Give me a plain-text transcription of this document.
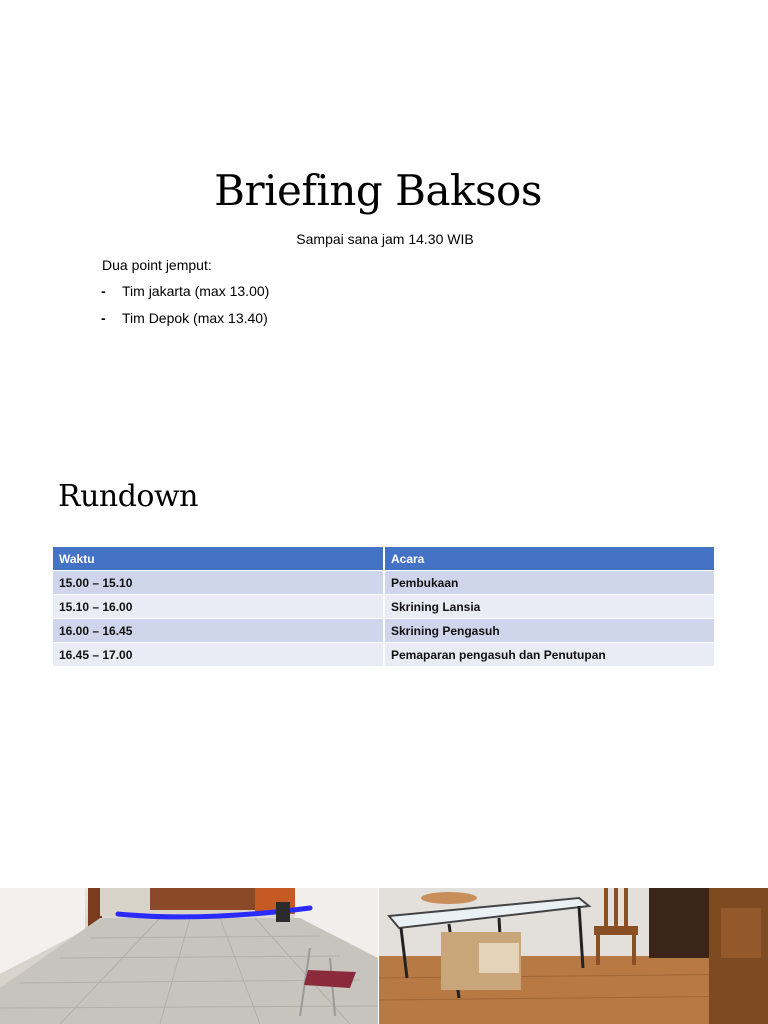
Briefing Baksos
Sampai sana jam 14.30 WIB
Dua point jemput:
- Tim jakarta (max 13.00)
- Tim Depok (max 13.40)
Rundown
Waktu	Acara
15.00 – 15.10	Pembukaan
15.10 – 16.00	Skrining Lansia
16.00 – 16.45	Skrining Pengasuh
16.45 – 17.00	Pemaparan pengasuh dan Penutupan
